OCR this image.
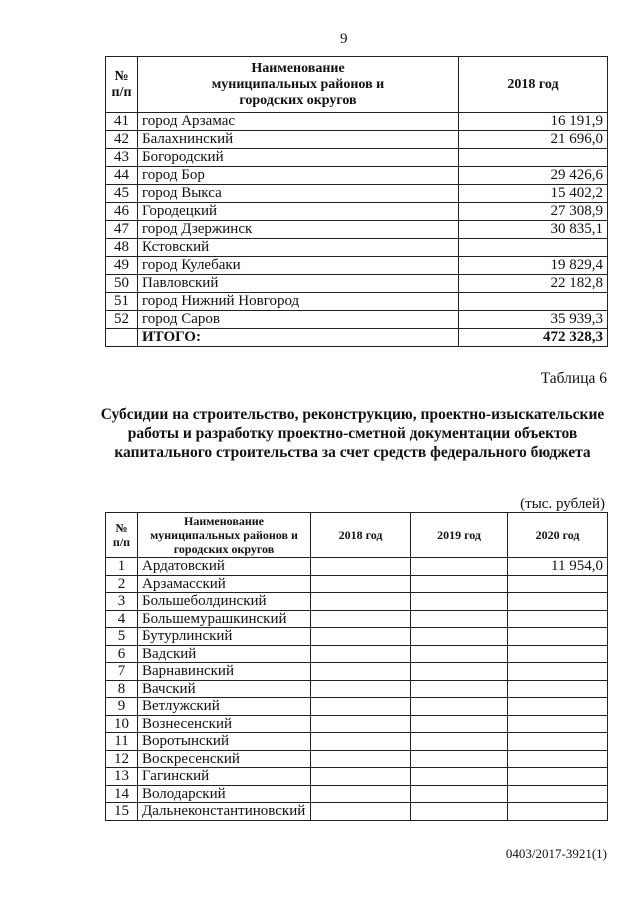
9
№ п/п	Наименование муниципальных районов и городских округов	2018 год
41	город Арзамас	16 191,9
42	Балахнинский	21 696,0
43	Богородский	
44	город Бор	29 426,6
45	город Выкса	15 402,2
46	Городецкий	27 308,9
47	город Дзержинск	30 835,1
48	Кстовский	
49	город Кулебаки	19 829,4
50	Павловский	22 182,8
51	город Нижний Новгород	
52	город Саров	35 939,3
	ИТОГО:	472 328,3
Таблица 6
Субсидии на строительство, реконструкцию, проектно-изыскательские работы и разработку проектно-сметной документации объектов капитального строительства за счет средств федерального бюджета
(тыс. рублей)
№ п/п	Наименование муниципальных районов и городских округов	2018 год	2019 год	2020 год
1	Ардатовский			11 954,0
2	Арзамасский			
3	Большеболдинский			
4	Большемурашкинский			
5	Бутурлинский			
6	Вадский			
7	Варнавинский			
8	Вачский			
9	Ветлужский			
10	Вознесенский			
11	Воротынский			
12	Воскресенский			
13	Гагинский			
14	Володарский			
15	Дальнеконстантиновский			
0403/2017-3921(1)
